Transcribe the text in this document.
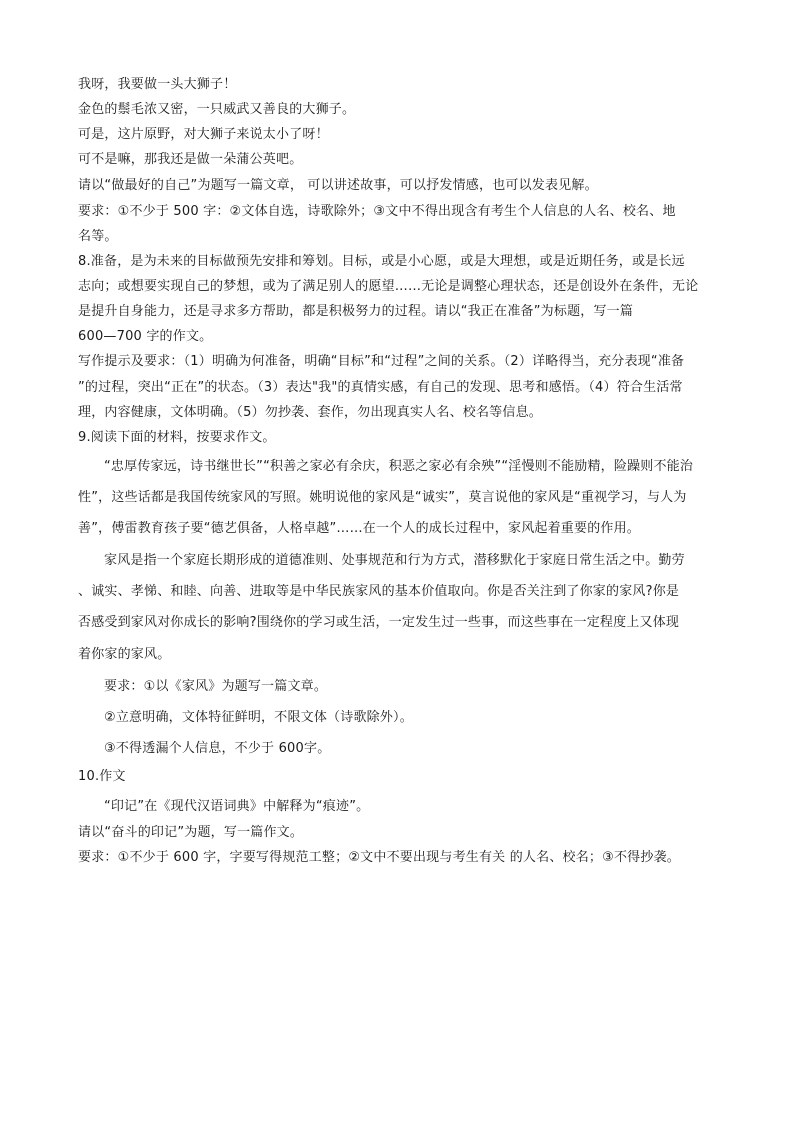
我呀，我要做一头大狮子！
金色的鬃毛浓又密，一只威武又善良的大狮子。
可是，这片原野，对大狮子来说太小了呀！
可不是嘛，那我还是做一朵蒲公英吧。
请以“做最好的自己”为题写一篇文章， 可以讲述故事，可以抒发情感，也可以发表见解。
要求：①不少于 500 字：②文体自选，诗歌除外；③文中不得出现含有考生个人信息的人名、校名、地
名等。
8.准备，是为未来的目标做预先安排和筹划。目标，或是小心愿，或是大理想，或是近期任务，或是长远
志向；或想要实现自己的梦想，或为了满足别人的愿望……无论是调整心理状态，还是创设外在条件，无论
是提升自身能力，还是寻求多方帮助，都是积极努力的过程。请以“我正在准备”为标题，写一篇
600—700 字的作文。
写作提示及要求：（1）明确为何准备，明确“目标”和“过程”之间的关系。（2）详略得当，充分表现“准备
”的过程，突出“正在”的状态。（3）表达"我"的真情实感，有自己的发现、思考和感悟。（4）符合生活常
理，内容健康，文体明确。（5）勿抄袭、套作，勿出现真实人名、校名等信息。
9.阅读下面的材料，按要求作文。
“忠厚传家远，诗书继世长”“积善之家必有余庆，积恶之家必有余殃”“淫慢则不能励精，险躁则不能治
性”，这些话都是我国传统家风的写照。姚明说他的家风是“诚实”，莫言说他的家风是“重视学习，与人为
善”，傅雷教育孩子要“德艺俱备，人格卓越”……在一个人的成长过程中，家风起着重要的作用。
家风是指一个家庭长期形成的道德准则、处事规范和行为方式，潜移默化于家庭日常生活之中。勤劳
、诚实、孝悌、和睦、向善、进取等是中华民族家风的基本价值取向。你是否关注到了你家的家风?你是
否感受到家风对你成长的影响?围绕你的学习或生活，一定发生过一些事，而这些事在一定程度上又体现
着你家的家风。
要求：①以《家风》为题写一篇文章。
②立意明确，文体特征鲜明，不限文体（诗歌除外）。
③不得透漏个人信息，不少于 600字。
10.作文
“印记”在《现代汉语词典》中解释为“痕迹”。
请以“奋斗的印记”为题，写一篇作文。
要求：①不少于 600 字，字要写得规范工整；②文中不要出现与考生有关 的人名、校名；③不得抄袭。
